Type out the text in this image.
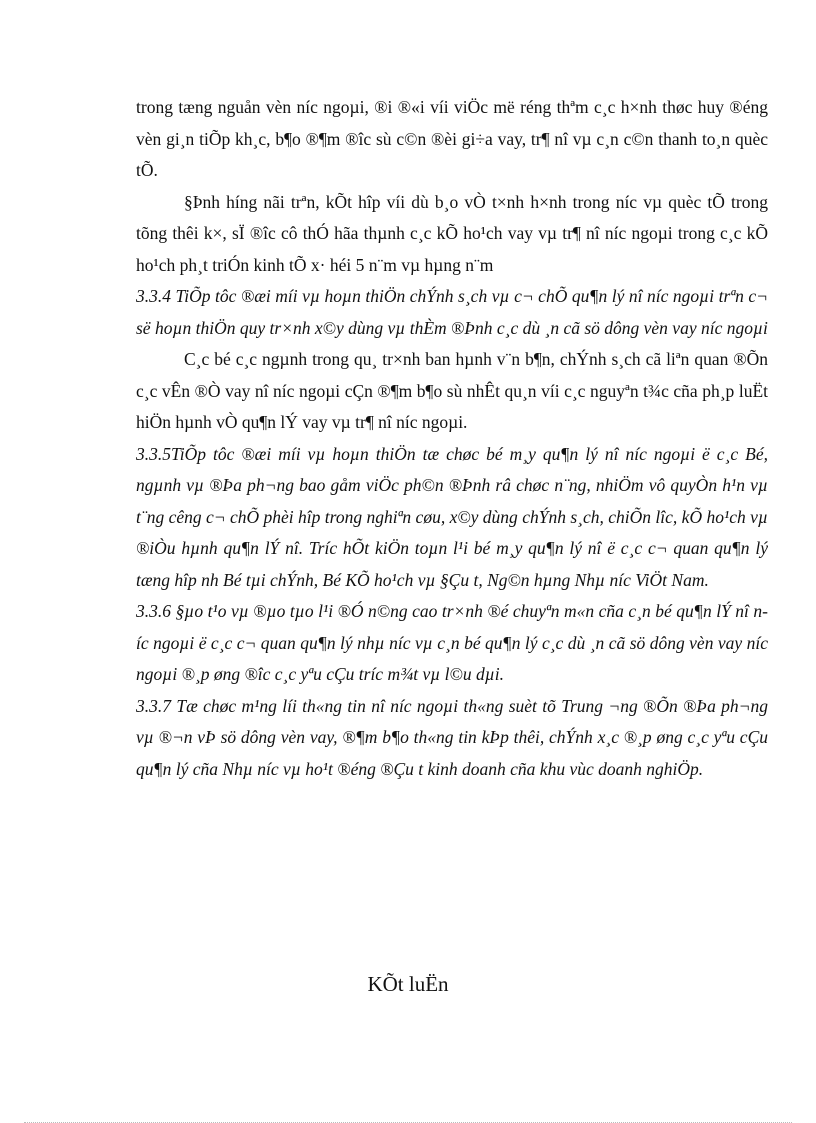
trong tæng nguån vèn níc ngoµi, ®i ®«i víi viÖc më réng thªm c¸c h×nh thøc huy ®éng vèn gi¸n tiÕp kh¸c, b¶o ®¶m ®îc sù c©n ®èi gi÷a vay, tr¶ nî vµ c¸n c©n thanh to¸n quèc tÕ.

§Þnh híng nãi trªn, kÕt hîp víi dù b¸o vÒ t×nh h×nh trong níc vµ quèc tÕ trong tõng thêi k×, sÏ ®îc cô thÓ hãa thµnh c¸c kÕ ho¹ch vay vµ tr¶ nî níc ngoµi trong c¸c kÕ ho¹ch ph¸t triÓn kinh tÕ x· héi 5 n¨m vµ hµng n¨m

3.3.4 TiÕp tôc ®æi míi vµ hoµn thiÖn chÝnh s¸ch vµ c¬ chÕ qu¶n lý nî níc ngoµi trªn c¬ së hoµn thiÖn quy tr×nh x©y dùng vµ thÈm ®Þnh c¸c dù ¸n cã sö dông vèn vay níc ngoµi

C¸c bé c¸c ngµnh trong qu¸ tr×nh ban hµnh v¨n b¶n, chÝnh s¸ch cã liªn quan ®Õn c¸c vÊn ®Ò vay nî níc ngoµi cÇn ®¶m b¶o sù nhÊt qu¸n víi c¸c nguyªn t¾c cña ph¸p luËt hiÖn hµnh vÒ qu¶n lÝ vay vµ tr¶ nî níc ngoµi.

3.3.5TiÕp tôc ®æi míi vµ hoµn thiÖn tæ chøc bé m¸y qu¶n lý nî níc ngoµi ë c¸c Bé, ngµnh vµ ®Þa ph¬ng bao gåm viÖc ph©n ®Þnh râ chøc n¨ng, nhiÖm vô quyÒn h¹n vµ t¨ng cêng c¬ chÕ phèi hîp trong nghiªn cøu, x©y dùng chÝnh s¸ch, chiÕn lîc, kÕ ho¹ch vµ ®iÒu hµnh qu¶n lÝ nî. Tríc hÕt kiÖn toµn l¹i bé m¸y qu¶n lý nî ë c¸c c¬ quan qu¶n lý tæng hîp nh Bé tµi chÝnh, Bé KÕ ho¹ch vµ §Çu t, Ng©n hµng Nhµ níc ViÖt Nam.

3.3.6 §µo t¹o vµ ®µo tµo l¹i ®Ó n©ng cao tr×nh ®é chuyªn m«n cña c¸n bé qu¶n lÝ nî níc ngoµi ë c¸c c¬ quan qu¶n lý nhµ níc vµ c¸n bé qu¶n lý c¸c dù ¸n cã sö dông vèn vay níc ngoµi ®¸p øng ®îc c¸c yªu cÇu tríc m¾t vµ l©u dµi.

3.3.7 Tæ chøc m¹ng líi th«ng tin nî níc ngoµi th«ng suèt tõ Trung ¬ng ®Õn ®Þa ph¬ng vµ ®¬n vÞ sö dông vèn vay, ®¶m b¶o th«ng tin kÞp thêi, chÝnh x¸c ®¸p øng c¸c yªu cÇu qu¶n lý cña Nhµ níc vµ ho¹t ®éng ®Çu t kinh doanh cña khu vùc doanh nghiÖp.

KÕt luËn
